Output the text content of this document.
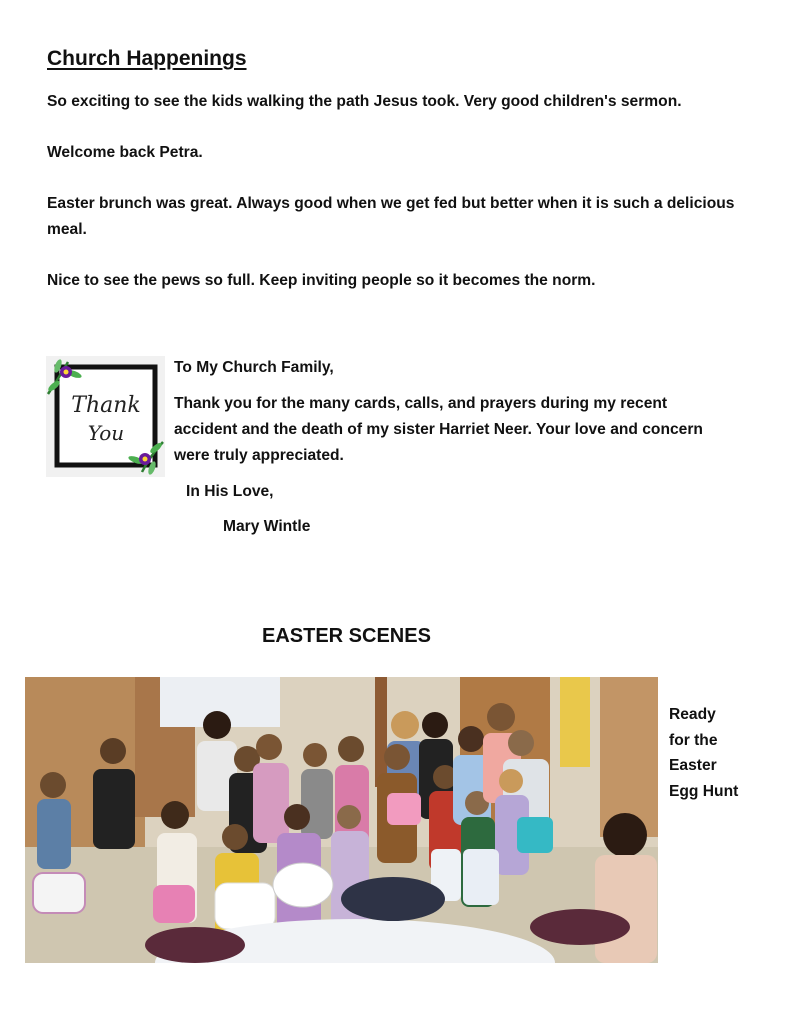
Church Happenings

So exciting to see the kids walking the path Jesus took. Very good children's sermon.

Welcome back Petra.

Easter brunch was great. Always good when we get fed but better when it is such a delicious meal.

Nice to see the pews so full. Keep inviting people so it becomes the norm.

Thank
You

To My Church Family,

Thank you for the many cards, calls, and prayers during my recent accident and the death of my sister Harriet Neer. Your love and concern were truly appreciated.

In His Love,

Mary Wintle

EASTER SCENES

Ready
for the
Easter
Egg Hunt
